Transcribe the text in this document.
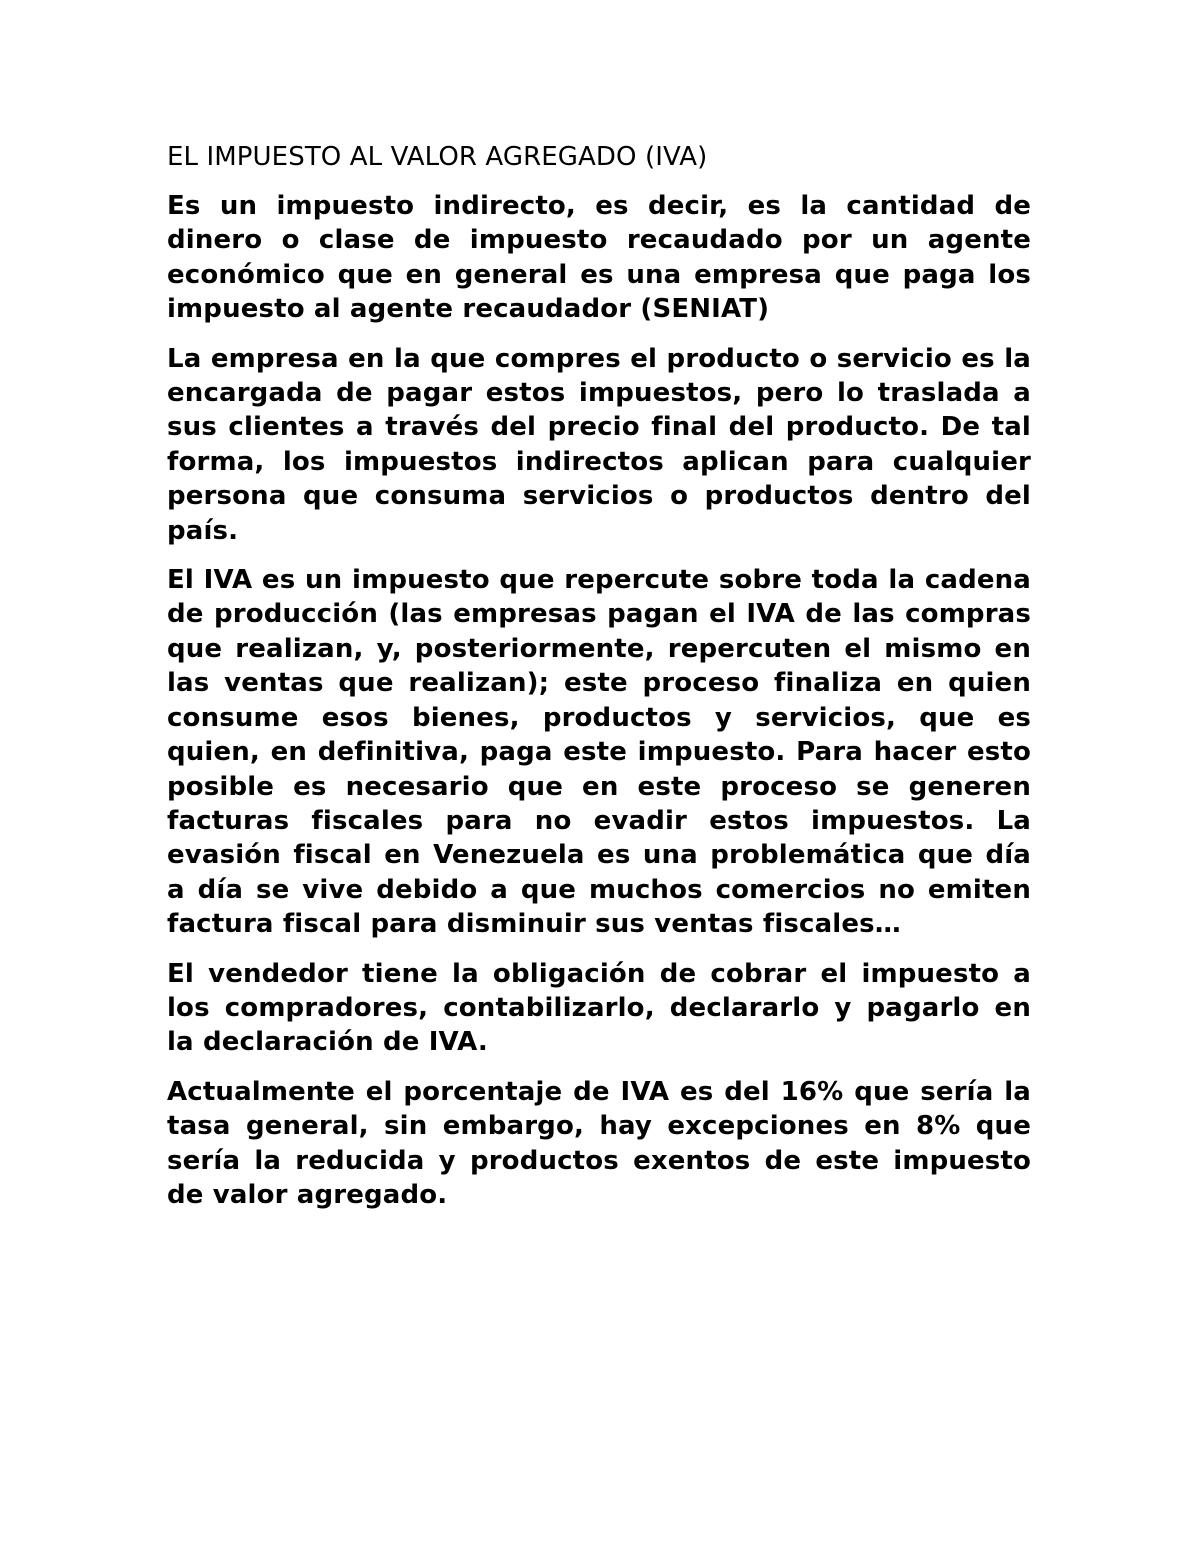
EL IMPUESTO AL VALOR AGREGADO (IVA)

Es un impuesto indirecto, es decir, es la cantidad de dinero o clase de impuesto recaudado por un agente económico que en general es una empresa que paga los impuesto al agente recaudador (SENIAT)

La empresa en la que compres el producto o servicio es la encargada de pagar estos impuestos, pero lo traslada a sus clientes a través del precio final del producto. De tal forma, los impuestos indirectos aplican para cualquier persona que consuma servicios o productos dentro del país.

El IVA es un impuesto que repercute sobre toda la cadena de producción (las empresas pagan el IVA de las compras que realizan, y, posteriormente, repercuten el mismo en las ventas que realizan); este proceso finaliza en quien consume esos bienes, productos y servicios, que es quien, en definitiva, paga este impuesto. Para hacer esto posible es necesario que en este proceso se generen facturas fiscales para no evadir estos impuestos. La evasión fiscal en Venezuela es una problemática que día a día se vive debido a que muchos comercios no emiten factura fiscal para disminuir sus ventas fiscales…

El vendedor tiene la obligación de cobrar el impuesto a los compradores, contabilizarlo, declararlo y pagarlo en la declaración de IVA.

Actualmente el porcentaje de IVA es del 16% que sería la tasa general, sin embargo, hay excepciones en 8% que sería la reducida y productos exentos de este impuesto de valor agregado.
